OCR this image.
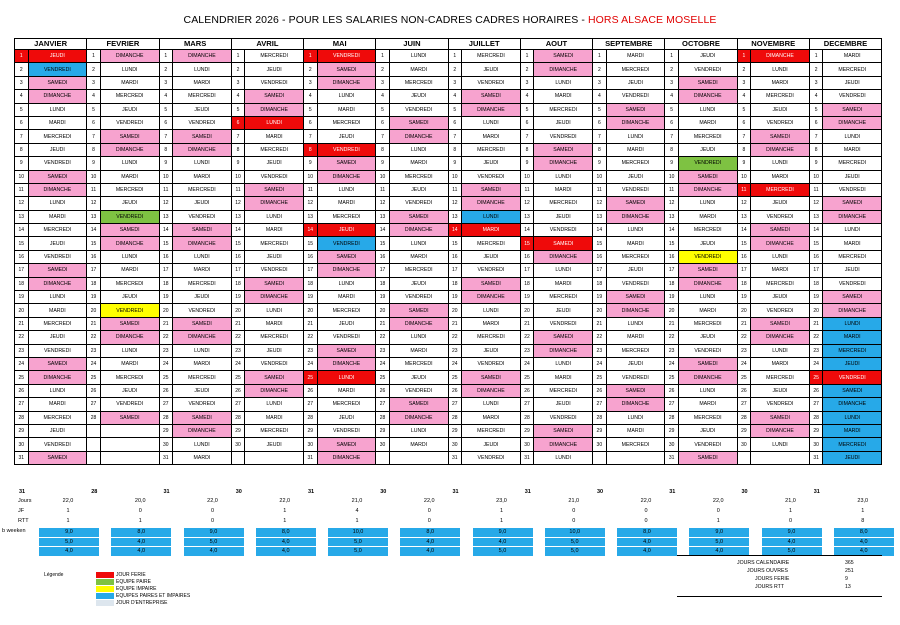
CALENDRIER 2026 - POUR LES SALARIES NON-CADRES CADRES HORAIRES - HORS ALSACE MOSELLE
JANVIER		FEVRIER		MARS		AVRIL		MAI		JUIN		JUILLET		AOUT		SEPTEMBRE		OCTOBRE		NOVEMBRE		DECEMBRE	
1	JEUDI	1	DIMANCHE	1	DIMANCHE	1	MERCREDI	1	VENDREDI	1	LUNDI	1	MERCREDI	1	SAMEDI	1	MARDI	1	JEUDI	1	DIMANCHE	1	MARDI
2	VENDREDI	2	LUNDI	2	LUNDI	2	JEUDI	2	SAMEDI	2	MARDI	2	JEUDI	2	DIMANCHE	2	MERCREDI	2	VENDREDI	2	LUNDI	2	MERCREDI
3	SAMEDI	3	MARDI	3	MARDI	3	VENDREDI	3	DIMANCHE	3	MERCREDI	3	VENDREDI	3	LUNDI	3	JEUDI	3	SAMEDI	3	MARDI	3	JEUDI
4	DIMANCHE	4	MERCREDI	4	MERCREDI	4	SAMEDI	4	LUNDI	4	JEUDI	4	SAMEDI	4	MARDI	4	VENDREDI	4	DIMANCHE	4	MERCREDI	4	VENDREDI
5	LUNDI	5	JEUDI	5	JEUDI	5	DIMANCHE	5	MARDI	5	VENDREDI	5	DIMANCHE	5	MERCREDI	5	SAMEDI	5	LUNDI	5	JEUDI	5	SAMEDI
6	MARDI	6	VENDREDI	6	VENDREDI	6	LUNDI	6	MERCREDI	6	SAMEDI	6	LUNDI	6	JEUDI	6	DIMANCHE	6	MARDI	6	VENDREDI	6	DIMANCHE
7	MERCREDI	7	SAMEDI	7	SAMEDI	7	MARDI	7	JEUDI	7	DIMANCHE	7	MARDI	7	VENDREDI	7	LUNDI	7	MERCREDI	7	SAMEDI	7	LUNDI
8	JEUDI	8	DIMANCHE	8	DIMANCHE	8	MERCREDI	8	VENDREDI	8	LUNDI	8	MERCREDI	8	SAMEDI	8	MARDI	8	JEUDI	8	DIMANCHE	8	MARDI
9	VENDREDI	9	LUNDI	9	LUNDI	9	JEUDI	9	SAMEDI	9	MARDI	9	JEUDI	9	DIMANCHE	9	MERCREDI	9	VENDREDI	9	LUNDI	9	MERCREDI
10	SAMEDI	10	MARDI	10	MARDI	10	VENDREDI	10	DIMANCHE	10	MERCREDI	10	VENDREDI	10	LUNDI	10	JEUDI	10	SAMEDI	10	MARDI	10	JEUDI
11	DIMANCHE	11	MERCREDI	11	MERCREDI	11	SAMEDI	11	LUNDI	11	JEUDI	11	SAMEDI	11	MARDI	11	VENDREDI	11	DIMANCHE	11	MERCREDI	11	VENDREDI
12	LUNDI	12	JEUDI	12	JEUDI	12	DIMANCHE	12	MARDI	12	VENDREDI	12	DIMANCHE	12	MERCREDI	12	SAMEDI	12	LUNDI	12	JEUDI	12	SAMEDI
13	MARDI	13	VENDREDI	13	VENDREDI	13	LUNDI	13	MERCREDI	13	SAMEDI	13	LUNDI	13	JEUDI	13	DIMANCHE	13	MARDI	13	VENDREDI	13	DIMANCHE
14	MERCREDI	14	SAMEDI	14	SAMEDI	14	MARDI	14	JEUDI	14	DIMANCHE	14	MARDI	14	VENDREDI	14	LUNDI	14	MERCREDI	14	SAMEDI	14	LUNDI
15	JEUDI	15	DIMANCHE	15	DIMANCHE	15	MERCREDI	15	VENDREDI	15	LUNDI	15	MERCREDI	15	SAMEDI	15	MARDI	15	JEUDI	15	DIMANCHE	15	MARDI
16	VENDREDI	16	LUNDI	16	LUNDI	16	JEUDI	16	SAMEDI	16	MARDI	16	JEUDI	16	DIMANCHE	16	MERCREDI	16	VENDREDI	16	LUNDI	16	MERCREDI
17	SAMEDI	17	MARDI	17	MARDI	17	VENDREDI	17	DIMANCHE	17	MERCREDI	17	VENDREDI	17	LUNDI	17	JEUDI	17	SAMEDI	17	MARDI	17	JEUDI
18	DIMANCHE	18	MERCREDI	18	MERCREDI	18	SAMEDI	18	LUNDI	18	JEUDI	18	SAMEDI	18	MARDI	18	VENDREDI	18	DIMANCHE	18	MERCREDI	18	VENDREDI
19	LUNDI	19	JEUDI	19	JEUDI	19	DIMANCHE	19	MARDI	19	VENDREDI	19	DIMANCHE	19	MERCREDI	19	SAMEDI	19	LUNDI	19	JEUDI	19	SAMEDI
20	MARDI	20	VENDREDI	20	VENDREDI	20	LUNDI	20	MERCREDI	20	SAMEDI	20	LUNDI	20	JEUDI	20	DIMANCHE	20	MARDI	20	VENDREDI	20	DIMANCHE
21	MERCREDI	21	SAMEDI	21	SAMEDI	21	MARDI	21	JEUDI	21	DIMANCHE	21	MARDI	21	VENDREDI	21	LUNDI	21	MERCREDI	21	SAMEDI	21	LUNDI
22	JEUDI	22	DIMANCHE	22	DIMANCHE	22	MERCREDI	22	VENDREDI	22	LUNDI	22	MERCREDI	22	SAMEDI	22	MARDI	22	JEUDI	22	DIMANCHE	22	MARDI
23	VENDREDI	23	LUNDI	23	LUNDI	23	JEUDI	23	SAMEDI	23	MARDI	23	JEUDI	23	DIMANCHE	23	MERCREDI	23	VENDREDI	23	LUNDI	23	MERCREDI
24	SAMEDI	24	MARDI	24	MARDI	24	VENDREDI	24	DIMANCHE	24	MERCREDI	24	VENDREDI	24	LUNDI	24	JEUDI	24	SAMEDI	24	MARDI	24	JEUDI
25	DIMANCHE	25	MERCREDI	25	MERCREDI	25	SAMEDI	25	LUNDI	25	JEUDI	25	SAMEDI	25	MARDI	25	VENDREDI	25	DIMANCHE	25	MERCREDI	25	VENDREDI
26	LUNDI	26	JEUDI	26	JEUDI	26	DIMANCHE	26	MARDI	26	VENDREDI	26	DIMANCHE	26	MERCREDI	26	SAMEDI	26	LUNDI	26	JEUDI	26	SAMEDI
27	MARDI	27	VENDREDI	27	VENDREDI	27	LUNDI	27	MERCREDI	27	SAMEDI	27	LUNDI	27	JEUDI	27	DIMANCHE	27	MARDI	27	VENDREDI	27	DIMANCHE
28	MERCREDI	28	SAMEDI	28	SAMEDI	28	MARDI	28	JEUDI	28	DIMANCHE	28	MARDI	28	VENDREDI	28	LUNDI	28	MERCREDI	28	SAMEDI	28	LUNDI
29	JEUDI			29	DIMANCHE	29	MERCREDI	29	VENDREDI	29	LUNDI	29	MERCREDI	29	SAMEDI	29	MARDI	29	JEUDI	29	DIMANCHE	29	MARDI
30	VENDREDI			30	LUNDI	30	JEUDI	30	SAMEDI	30	MARDI	30	JEUDI	30	DIMANCHE	30	MERCREDI	30	VENDREDI	30	LUNDI	30	MERCREDI
31	SAMEDI			31	MARDI			31	DIMANCHE			31	VENDREDI	31	LUNDI			31	SAMEDI			31	JEUDI
31	28	31	30	31	30	31	31	30	31	30	31
Jours	22,0	20,0	22,0	22,0	21,0	22,0	23,0	21,0	22,0	22,0	21,0	23,0
JF	1	0	0	1	4	0	1	0	0	0	1	1
RTT	1	1	0	1	1	0	1	0	0	1	0	8
b weeken	9,0	8,0	9,0	8,0	10,0	8,0	9,0	10,0	8,0	9,0	9,0	8,0
5,0	4,0	5,0	4,0	5,0	4,0	4,0	5,0	4,0	5,0	4,0	4,0
4,0	4,0	4,0	4,0	5,0	4,0	5,0	5,0	4,0	4,0	5,0	4,0
Légende	JOUR FERIE
EQUIPE PAIRE
EQUIPE IMPAIRE
EQUIPES PAIRES ET IMPAIRES
JOUR D'ENTREPRISE
JOURS CALENDAIRE	365
JOURS OUVRES	251
JOURS FERIE	9
JOURS RTT	13
